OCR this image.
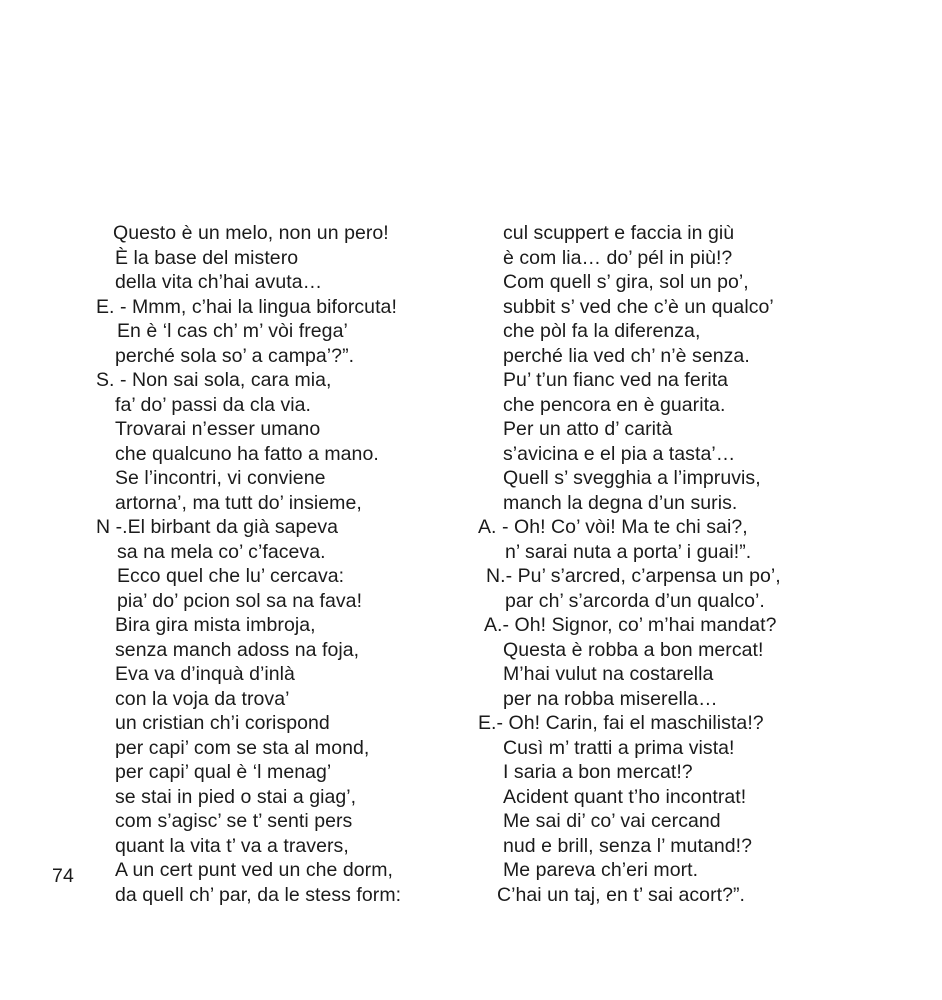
Questo è un melo, non un pero!
È la base del mistero
della vita ch’hai avuta…
E. - Mmm, c’hai la lingua biforcuta!
En è ‘l cas ch’ m’ vòi frega’
perché sola so’ a campa’?”.
S. - Non sai sola, cara mia,
fa’ do’ passi da cla via.
Trovarai n’esser umano
che qualcuno ha fatto a mano.
Se l’incontri, vi conviene
artorna’, ma tutt do’ insieme,
N -.El birbant da già sapeva
sa na mela co’ c’faceva.
Ecco quel che lu’ cercava:
pia’ do’ pcion sol sa na fava!
Bira gira mista imbroja,
senza manch adoss na foja,
Eva va d’inquà d’inlà
con la voja da trova’
un cristian ch’i corispond
per capi’ com se sta al mond,
per capi’ qual è ‘l menag’
se stai in pied o stai a giag’,
com s’agisc’ se t’ senti pers
quant la vita t’ va a travers,
A un cert punt ved un che dorm,
da quell ch’ par, da le stess form:
cul scuppert e faccia in giù
è com lia… do’ pél in più!?
Com quell s’ gira, sol un po’,
subbit s’ ved che c’è un qualco’
che pòl fa la diferenza,
perché lia ved ch’ n’è senza.
Pu’ t’un fianc ved na ferita
che pencora en è guarita.
Per un atto d’ carità
s’avicina e el pia a tasta’…
Quell s’ svegghia a l’impruvis,
manch la degna d’un suris.
A. - Oh! Co’ vòi! Ma te chi sai?,
n’ sarai nuta a porta’ i guai!”.
N.- Pu’ s’arcred, c’arpensa un po’,
par ch’ s’arcorda d’un qualco’.
A.- Oh! Signor, co’ m’hai mandat?
Questa è robba a bon mercat!
M’hai vulut na costarella
per na robba miserella…
E.- Oh! Carin, fai el maschilista!?
Cusì m’ tratti a prima vista!
I saria a bon mercat!?
Acident quant t’ho incontrat!
Me sai di’ co’ vai cercand
nud e brill, senza l’ mutand!?
Me pareva ch’eri mort.
C’hai un taj, en t’ sai acort?”.
74
